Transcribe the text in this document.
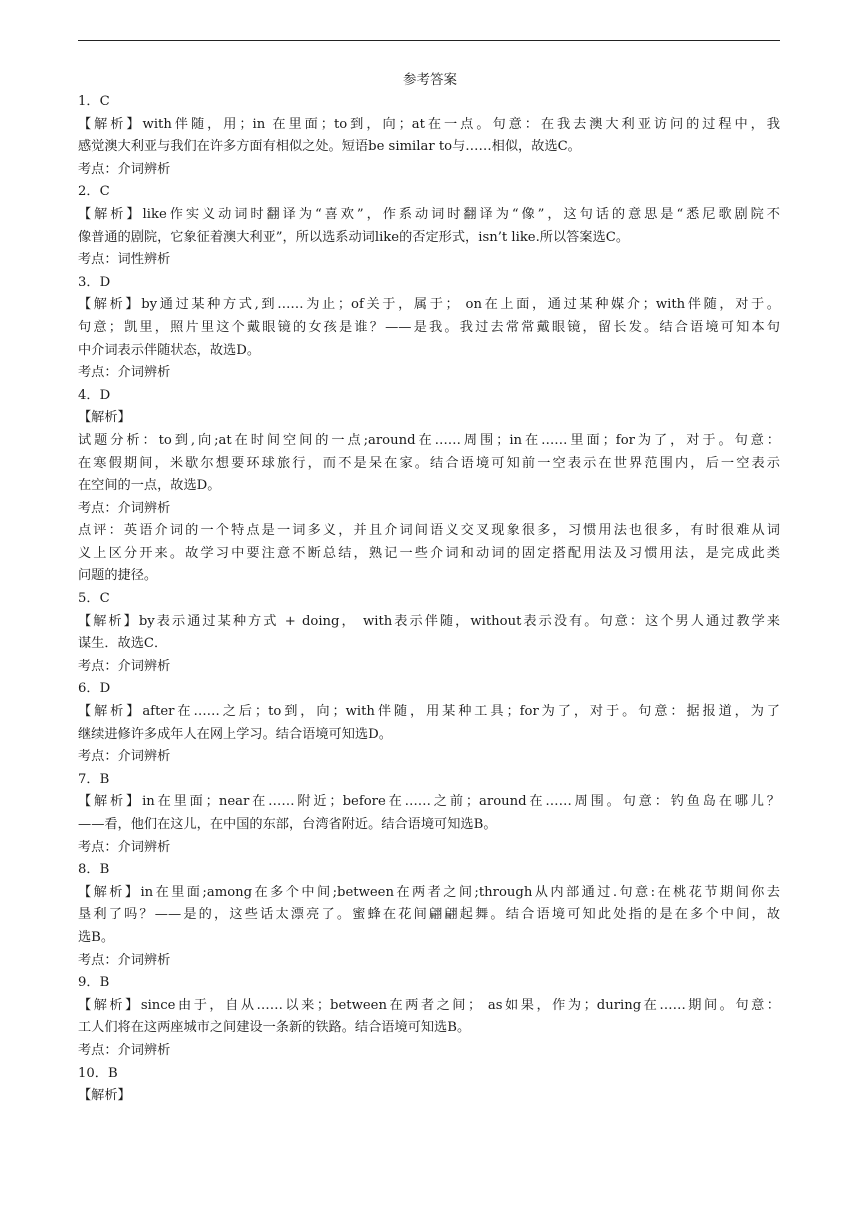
参考答案
1．C
【解析】with伴随，用；in 在里面；to到，向；at在一点。句意：在我去澳大利亚访问的过程中，我
感觉澳大利亚与我们在许多方面有相似之处。短语be similar to与……相似，故选C。
考点：介词辨析
2．C
【解析】like作实义动词时翻译为“喜欢”，作系动词时翻译为“像”，这句话的意思是“悉尼歌剧院不
像普通的剧院，它象征着澳大利亚”，所以选系动词like的否定形式，isn’t like.所以答案选C。
考点：词性辨析
3．D
【解析】by通过某种方式,到……为止；of关于，属于； on在上面，通过某种媒介；with伴随，对于。
句意；凯里，照片里这个戴眼镜的女孩是谁？——是我。我过去常常戴眼镜，留长发。结合语境可知本句
中介词表示伴随状态，故选D。
考点：介词辨析
4．D
【解析】
试题分析：to到,向;at在时间空间的一点;around在……周围；in在……里面；for为了，对于。句意：
在寒假期间，米歇尔想要环球旅行，而不是呆在家。结合语境可知前一空表示在世界范围内，后一空表示
在空间的一点，故选D。
考点：介词辨析
点评：英语介词的一个特点是一词多义，并且介词间语义交叉现象很多，习惯用法也很多，有时很难从词
义上区分开来。故学习中要注意不断总结，熟记一些介词和动词的固定搭配用法及习惯用法，是完成此类
问题的捷径。
5．C
【解析】by表示通过某种方式 + doing， with表示伴随，without表示没有。句意：这个男人通过教学来
谋生．故选C．
考点：介词辨析
6．D
【解析】after在……之后；to到，向；with伴随，用某种工具；for为了，对于。句意：据报道，为了
继续进修许多成年人在网上学习。结合语境可知选D。
考点：介词辨析
7．B
【解析】in在里面；near在……附近；before在……之前；around在……周围。句意：钓鱼岛在哪儿？
——看，他们在这儿，在中国的东部，台湾省附近。结合语境可知选B。
考点：介词辨析
8．B
【解析】in在里面;among在多个中间;between在两者之间;through从内部通过.句意:在桃花节期间你去
垦利了吗？——是的，这些话太漂亮了。蜜蜂在花间翩翩起舞。结合语境可知此处指的是在多个中间，故
选B。
考点：介词辨析
9．B
【解析】since由于，自从……以来；between在两者之间； as如果，作为；during在……期间。句意：
工人们将在这两座城市之间建设一条新的铁路。结合语境可知选B。
考点：介词辨析
10．B
【解析】
